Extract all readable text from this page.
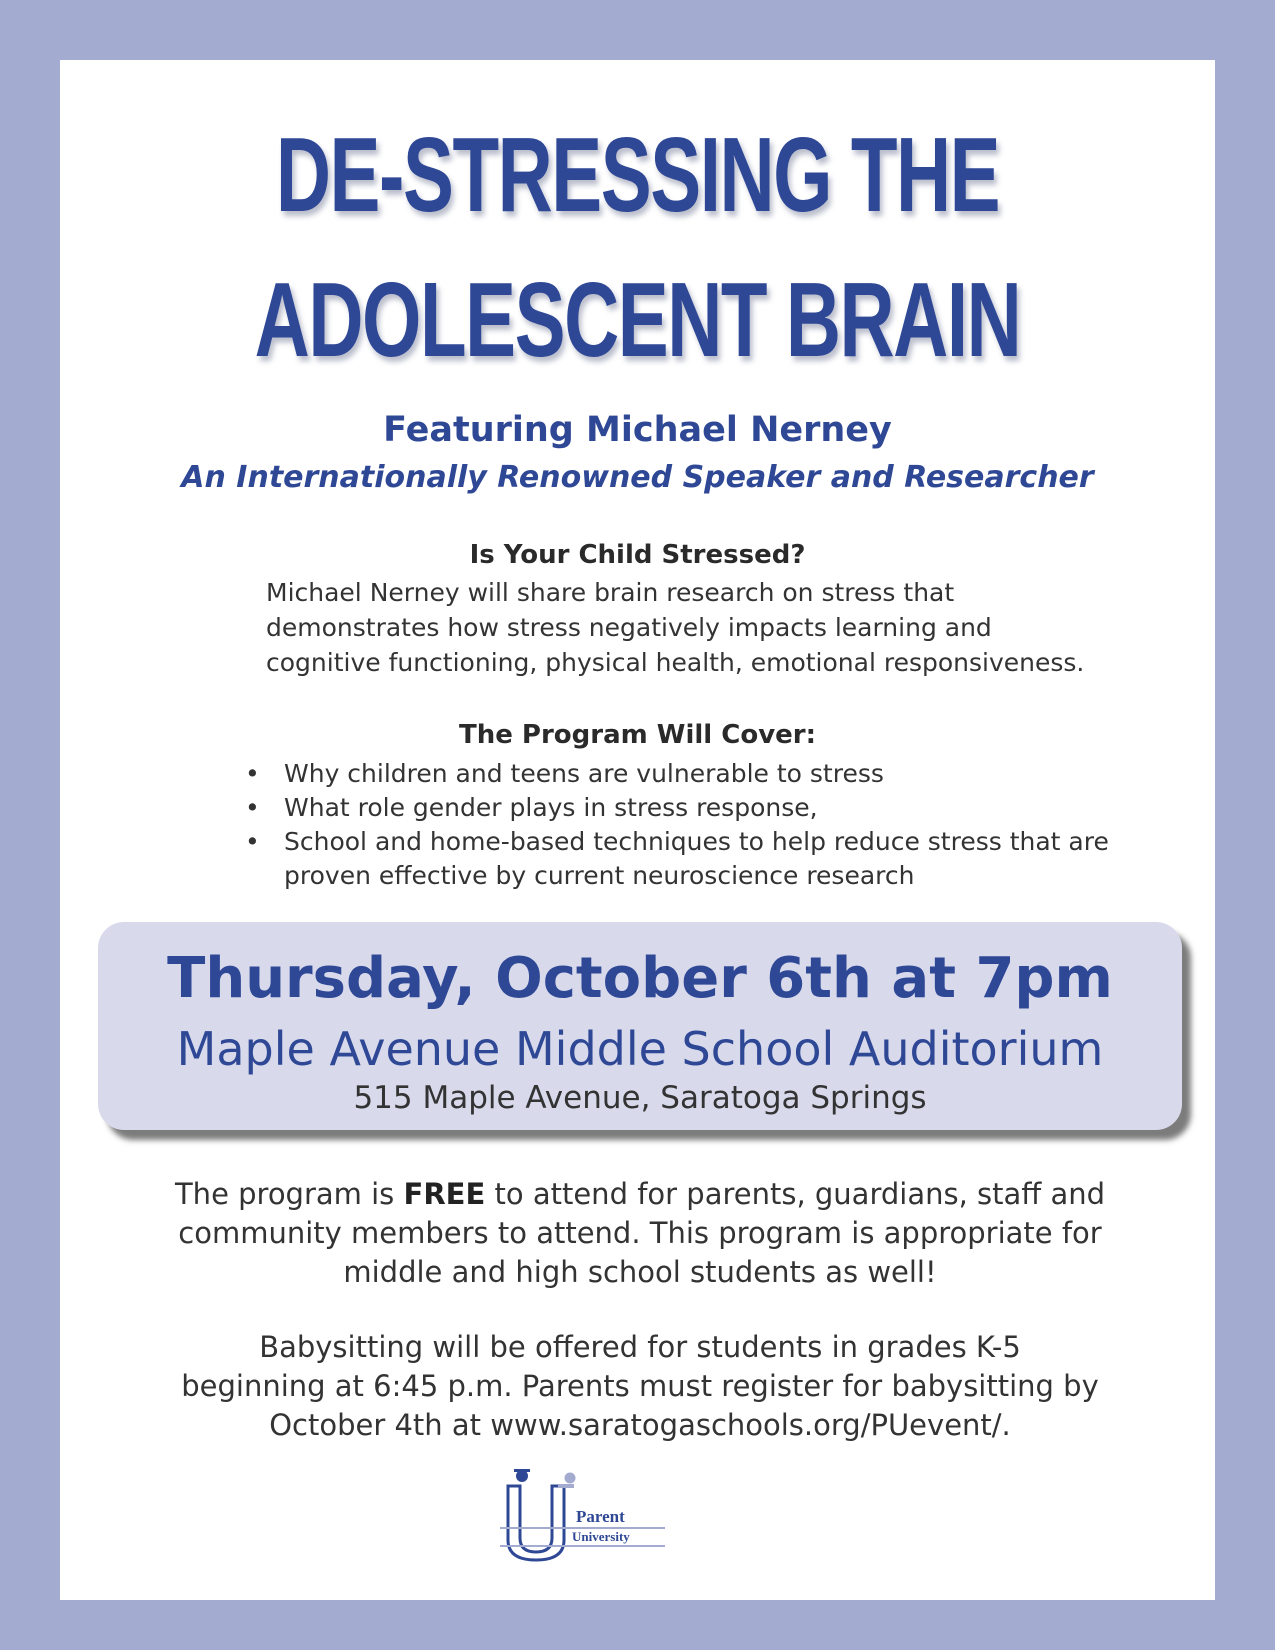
DE-STRESSING THE
ADOLESCENT BRAIN
Featuring Michael Nerney
An Internationally Renowned Speaker and Researcher
Is Your Child Stressed?
Michael Nerney will share brain research on stress that
demonstrates how stress negatively impacts learning and
cognitive functioning, physical health, emotional responsiveness.
The Program Will Cover:
• Why children and teens are vulnerable to stress
• What role gender plays in stress response,
• School and home-based techniques to help reduce stress that are proven effective by current neuroscience research
Thursday, October 6th at 7pm
Maple Avenue Middle School Auditorium
515 Maple Avenue, Saratoga Springs
The program is FREE to attend for parents, guardians, staff and
community members to attend. This program is appropriate for
middle and high school students as well!
Babysitting will be offered for students in grades K-5
beginning at 6:45 p.m. Parents must register for babysitting by
October 4th at www.saratogaschools.org/PUevent/.
Parent
University
